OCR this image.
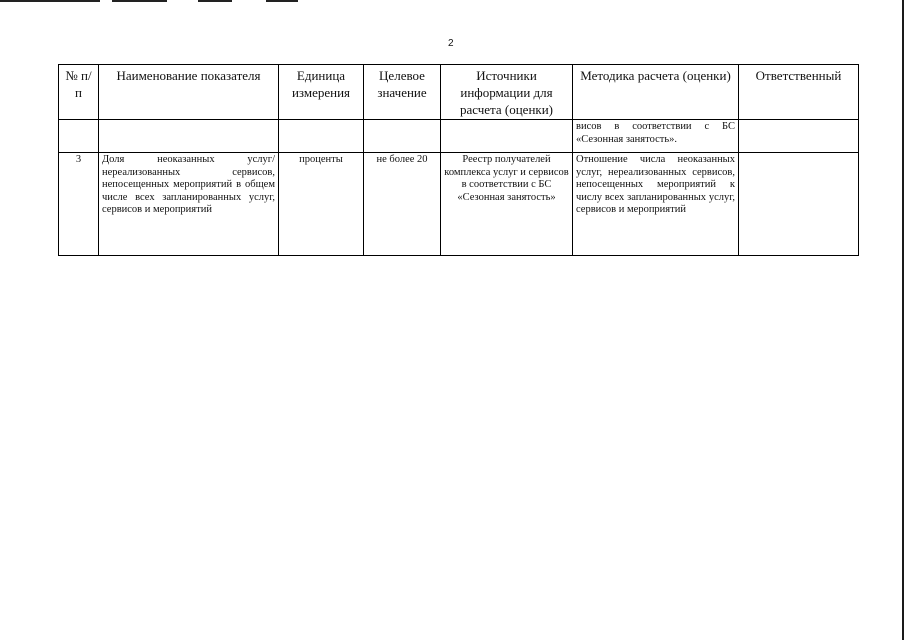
2
№ п/п	Наименование показателя	Единица измерения	Целевое значение	Источники информации для расчета (оценки)	Методика расчета (оценки)	Ответственный
					висов в соответствии с БС «Сезонная занятость».	
3	Доля неоказанных услуг/ нереализованных сервисов, непосещенных мероприятий в общем числе всех запланированных услуг, сервисов и мероприятий	проценты	не более 20	Реестр получателей комплекса услуг и сервисов в соответствии с БС «Сезонная занятость»	Отношение числа неоказанных услуг, нереализованных сервисов, непосещенных мероприятий к числу всех запланированных услуг, сервисов и мероприятий	
